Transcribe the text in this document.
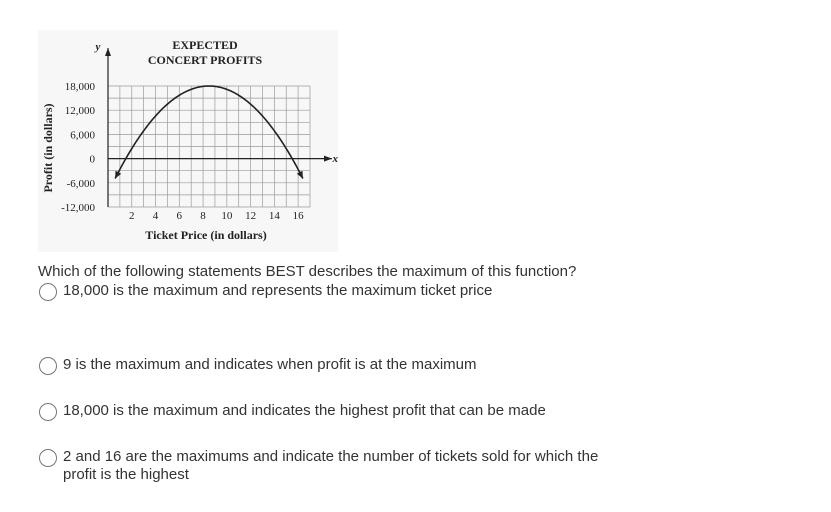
EXPECTED
CONCERT PROFITS
Ticket Price (in dollars)
Profit (in dollars)
y
x
2 4 6 8 10 12 14 16
18,000
12,000
6,000
0
-6,000
-12,000
Which of the following statements BEST describes the maximum of this function?
18,000 is the maximum and represents the maximum ticket price
9 is the maximum and indicates when profit is at the maximum
18,000 is the maximum and indicates the highest profit that can be made
2 and 16 are the maximums and indicate the number of tickets sold for which the profit is the highest
